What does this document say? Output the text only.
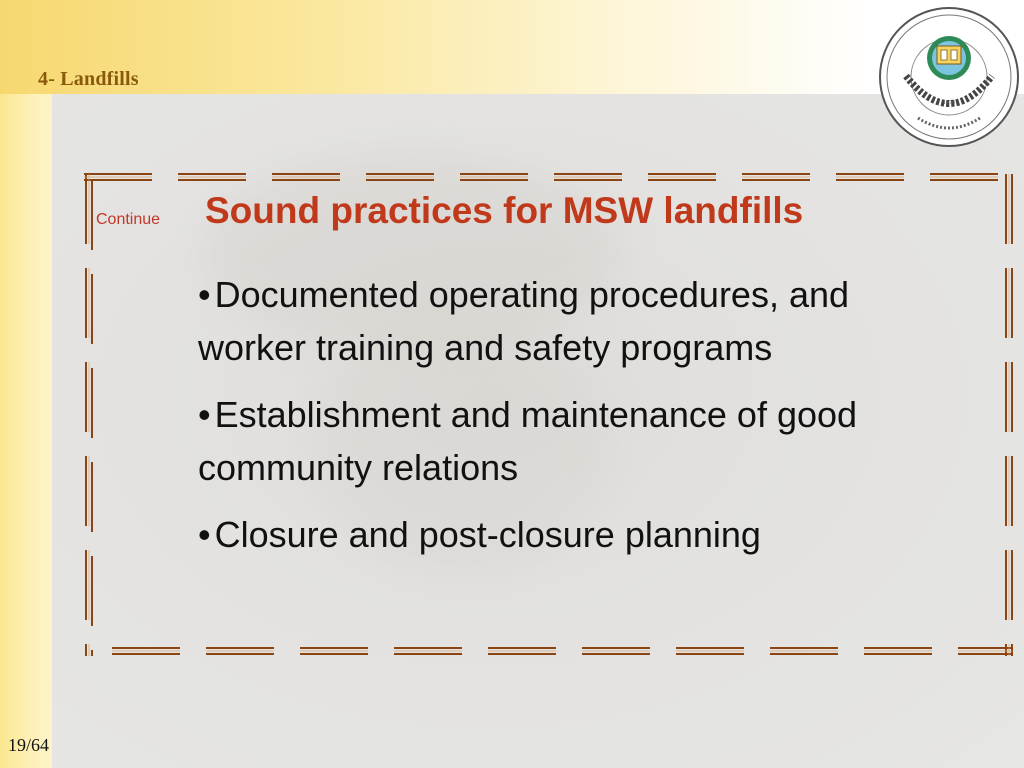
4- Landfills
1978
Continue Sound practices for MSW landfills
• Documented operating procedures, and worker training and safety programs
• Establishment and maintenance of good community relations
• Closure and post-closure planning
19/64
